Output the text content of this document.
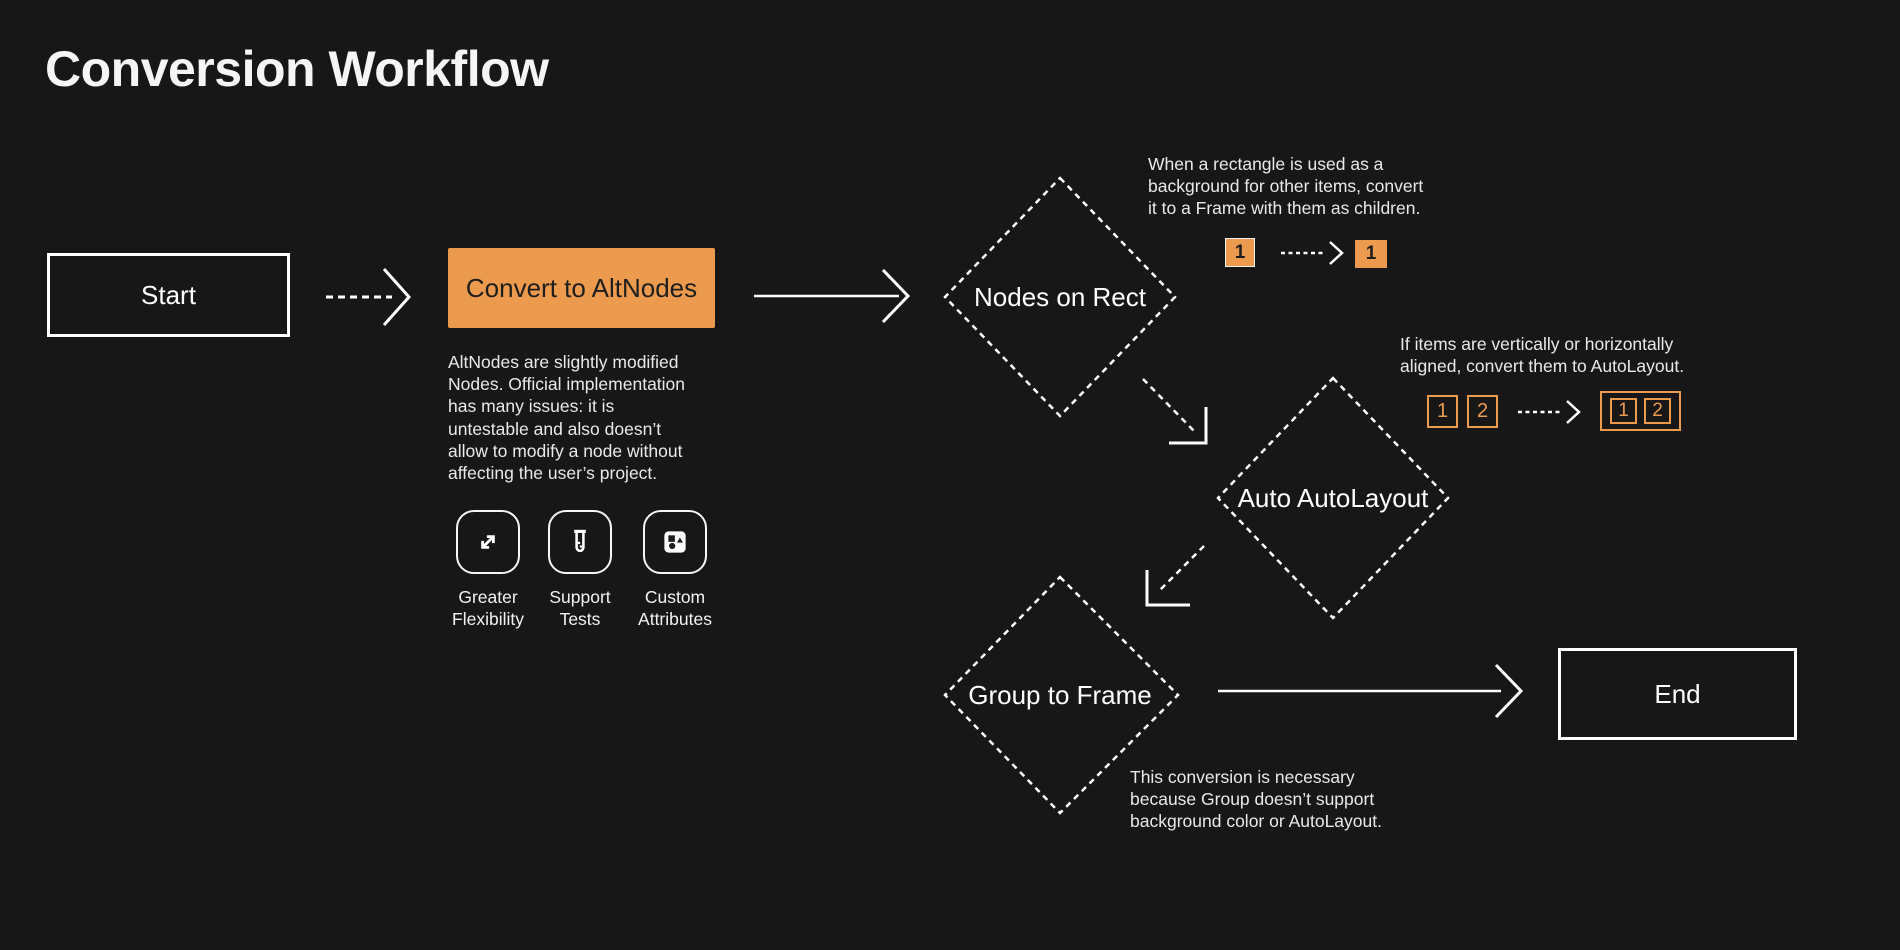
Conversion Workflow
Start	Convert to AltNodes
AltNodes are slightly modified
Nodes. Official implementation
has many issues: it is
untestable and also doesn’t
allow to modify a node without
affecting the user’s project.
Greater
Flexibility
Support
Tests
Custom
Attributes
Nodes on Rect
When a rectangle is used as a
background for other items, convert
it to a Frame with them as children.
1	1
Auto AutoLayout
If items are vertically or horizontally
aligned, convert them to AutoLayout.
1	2	1	2
Group to Frame
This conversion is necessary
because Group doesn’t support
background color or AutoLayout.
End
